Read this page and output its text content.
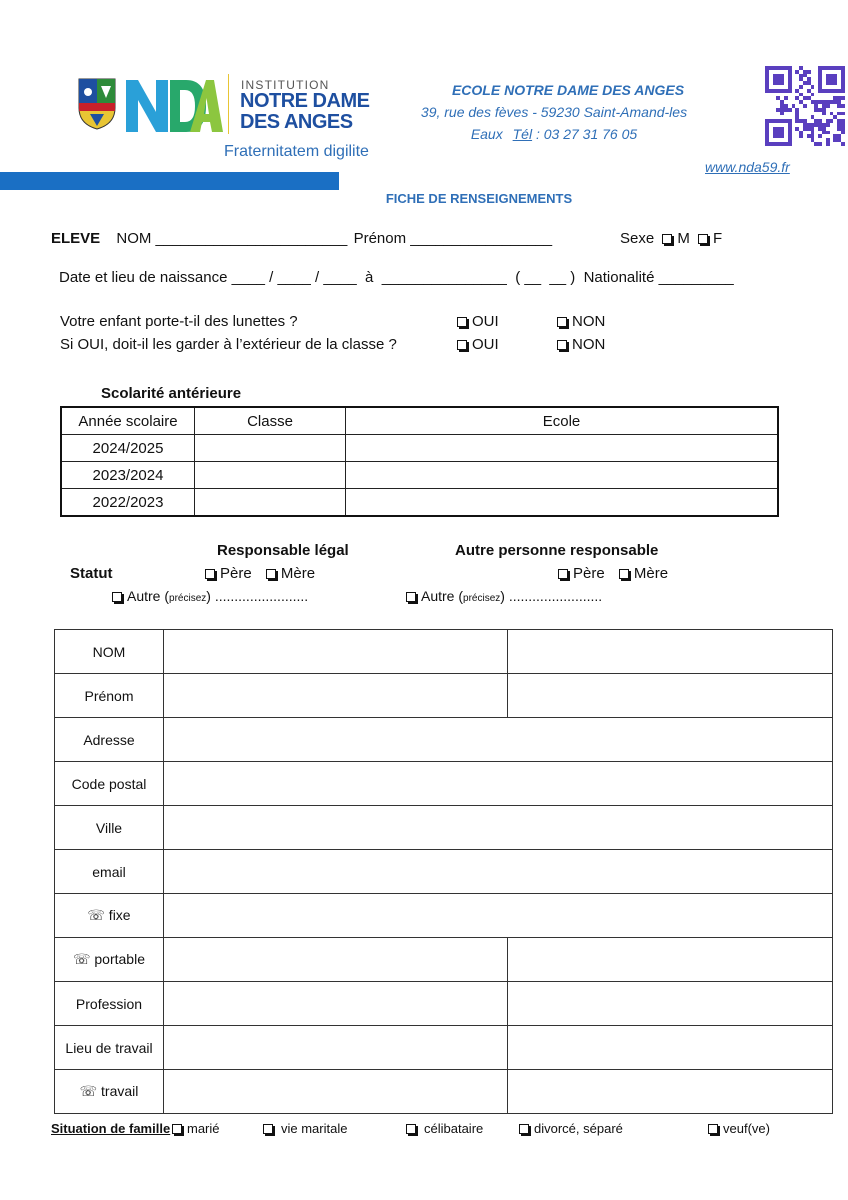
INSTITUTION
NOTRE DAME
DES ANGES
Fraternitatem digilite
ECOLE NOTRE DAME DES ANGES
39, rue des fèves - 59230 Saint-Amand-les
Eaux Tél : 03 27 31 76 05
www.nda59.fr
FICHE DE RENSEIGNEMENTS
ELEVE NOM _______________________ Prénom _________________	Sexe M F
Date et lieu de naissance ____ / ____ / ____  à  _______________  ( __  __ )  Nationalité _________
Votre enfant porte-t-il des lunettes ?	OUI	NON
Si OUI, doit-il les garder à l’extérieur de la classe ?	OUI	NON
Scolarité antérieure
Année scolaire	Classe	Ecole
2024/2025		
2023/2024		
2022/2023		
Responsable légal	Autre personne responsable
Statut	Père Mère	Père Mère
Autre (précisez) ........................	Autre (précisez) ........................
NOM		
Prénom		
Adresse		
Code postal		
Ville		
email		
☏ fixe		
☏ portable		
Profession		
Lieu de travail		
☏ travail		
Situation de famille	marié	vie maritale	célibataire	divorcé, séparé	veuf(ve)
